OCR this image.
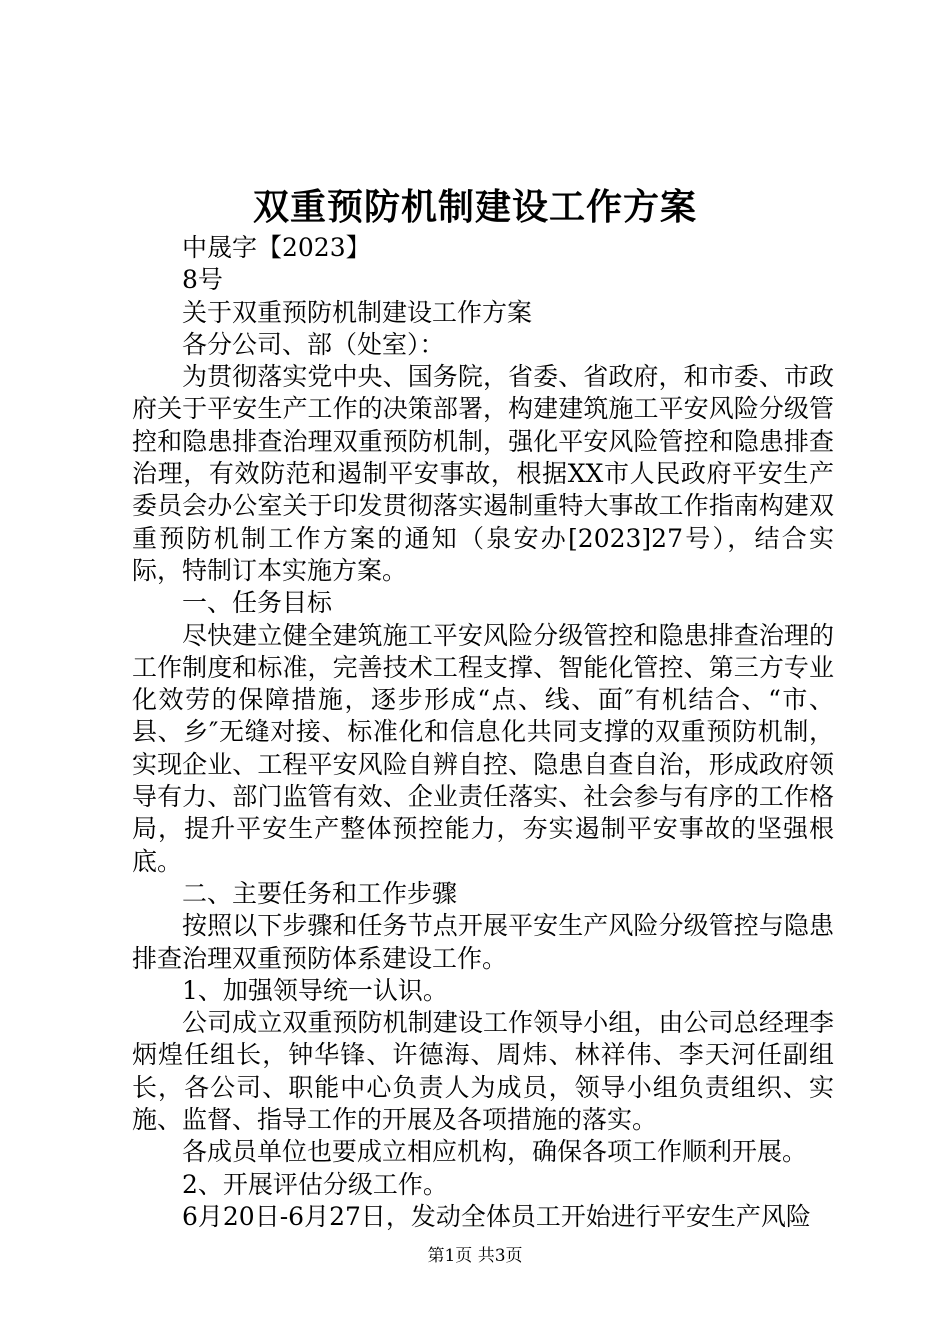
双重预防机制建设工作方案

中晟字【2023】

8号

关于双重预防机制建设工作方案

各分公司、部（处室）：

为贯彻落实党中央、国务院，省委、省政府，和市委、市政府关于平安生产工作的决策部署，构建建筑施工平安风险分级管控和隐患排查治理双重预防机制，强化平安风险管控和隐患排查治理，有效防范和遏制平安事故，根据XX市人民政府平安生产委员会办公室关于印发贯彻落实遏制重特大事故工作指南构建双重预防机制工作方案的通知（泉安办[2023]27号），结合实际，特制订本实施方案。

一、任务目标

尽快建立健全建筑施工平安风险分级管控和隐患排查治理的工作制度和标准，完善技术工程支撑、智能化管控、第三方专业化效劳的保障措施，逐步形成“点、线、面″有机结合、“市、县、乡″无缝对接、标准化和信息化共同支撑的双重预防机制，实现企业、工程平安风险自辨自控、隐患自查自治，形成政府领导有力、部门监管有效、企业责任落实、社会参与有序的工作格局，提升平安生产整体预控能力，夯实遏制平安事故的坚强根底。

二、主要任务和工作步骤

按照以下步骤和任务节点开展平安生产风险分级管控与隐患排查治理双重预防体系建设工作。

1、加强领导统一认识。

公司成立双重预防机制建设工作领导小组，由公司总经理李炳煌任组长，钟华锋、许德海、周炜、林祥伟、李天河任副组长，各公司、职能中心负责人为成员，领导小组负责组织、实施、监督、指导工作的开展及各项措施的落实。

各成员单位也要成立相应机构，确保各项工作顺利开展。

2、开展评估分级工作。

6月20日-6月27日，发动全体员工开始进行平安生产风险

第1页 共3页
